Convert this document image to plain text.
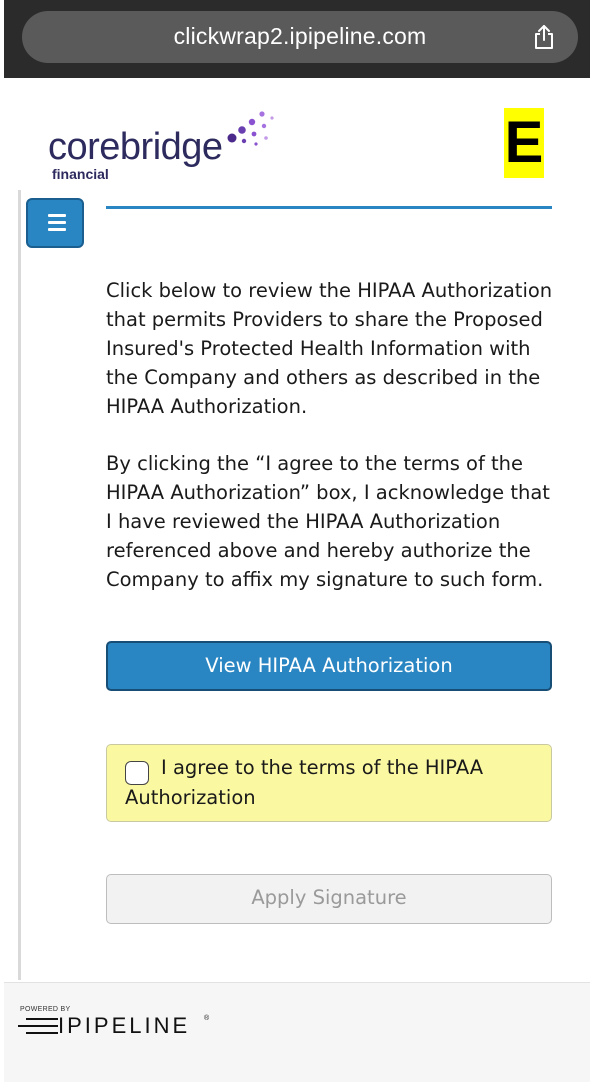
clickwrap2.ipipeline.com
corebridge
financial	E

Click below to review the HIPAA Authorization that permits Providers to share the Proposed Insured's Protected Health Information with the Company and others as described in the HIPAA Authorization.

By clicking the “I agree to the terms of the HIPAA Authorization” box, I acknowledge that I have reviewed the HIPAA Authorization referenced above and hereby authorize the Company to affix my signature to such form.

View HIPAA Authorization
I agree to the terms of the HIPAA Authorization
Apply Signature
POWERED BY
IPIPELINE ®
